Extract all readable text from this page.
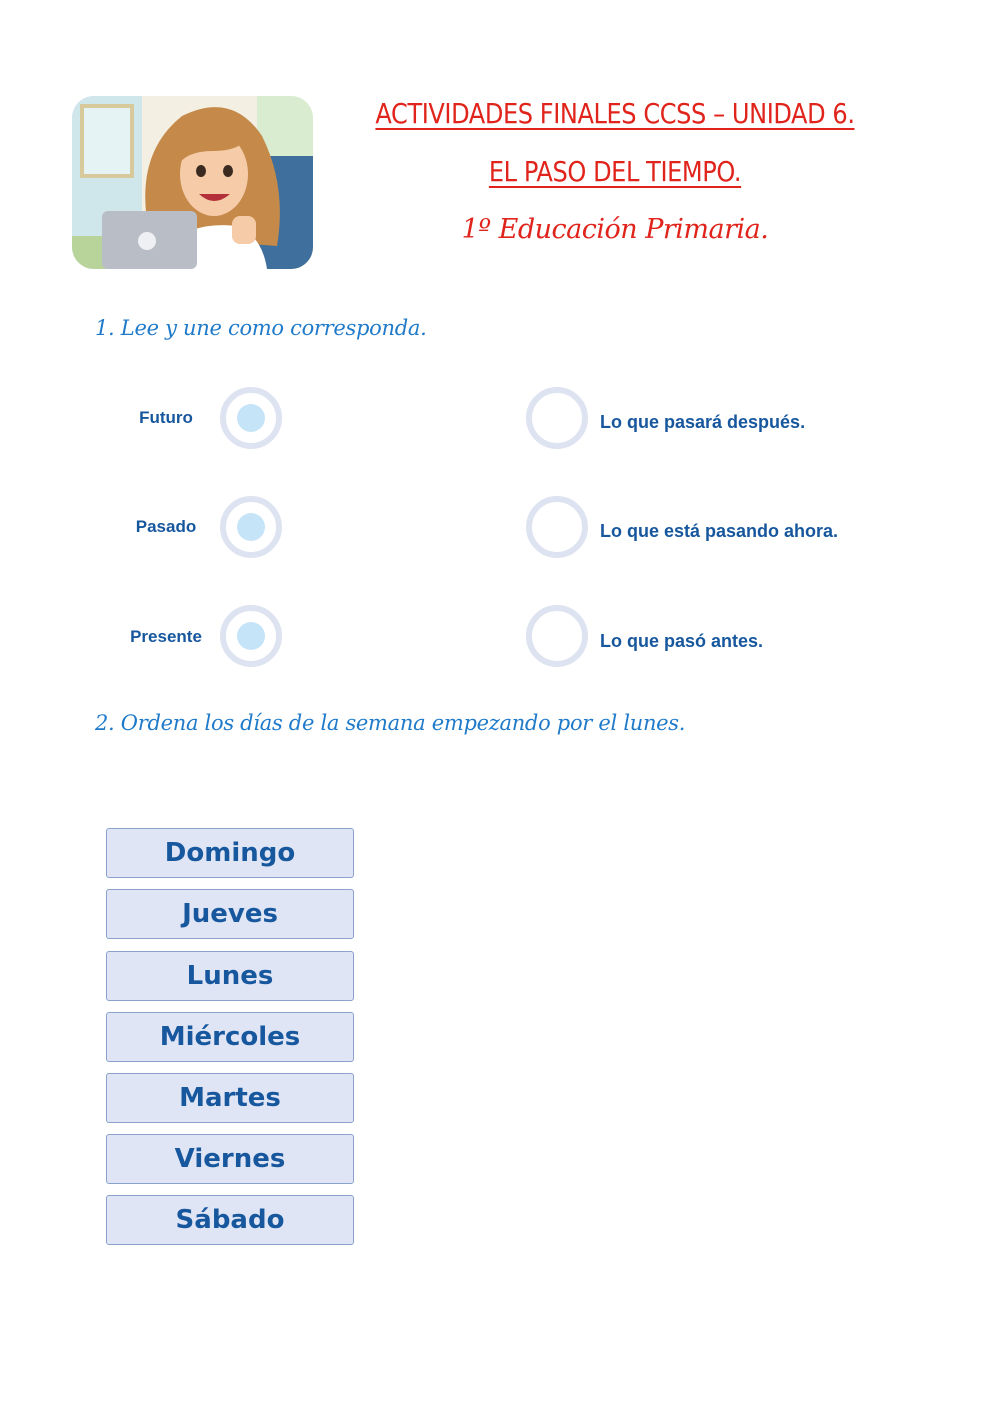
ACTIVIDADES FINALES CCSS – UNIDAD 6.
EL PASO DEL TIEMPO.
1º Educación Primaria.
1. Lee y une como corresponda.
Futuro	Lo que pasará después.
Pasado	Lo que está pasando ahora.
Presente	Lo que pasó antes.
2. Ordena los días de la semana empezando por el lunes.
Domingo
Jueves
Lunes
Miércoles
Martes
Viernes
Sábado
